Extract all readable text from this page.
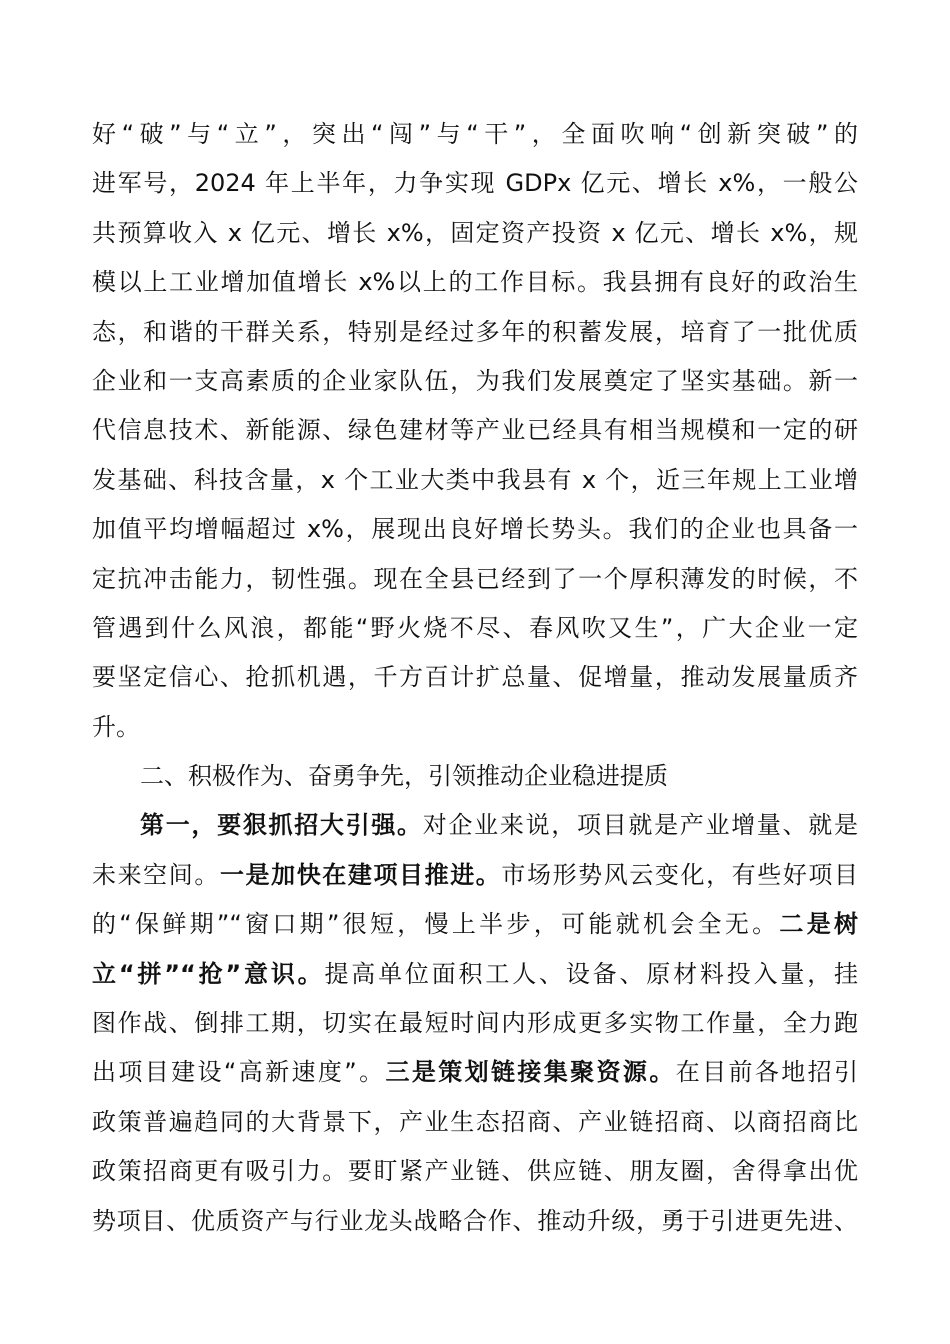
好“破”与“立”，突出“闯”与“干”，全面吹响“创新突破”的
进军号，2024 年上半年，力争实现 GDPx 亿元、增长 x%，一般公
共预算收入 x 亿元、增长 x%，固定资产投资 x 亿元、增长 x%，规
模以上工业增加值增长 x%以上的工作目标。我县拥有良好的政治生
态，和谐的干群关系，特别是经过多年的积蓄发展，培育了一批优质
企业和一支高素质的企业家队伍，为我们发展奠定了坚实基础。新一
代信息技术、新能源、绿色建材等产业已经具有相当规模和一定的研
发基础、科技含量，x 个工业大类中我县有 x 个，近三年规上工业增
加值平均增幅超过 x%，展现出良好增长势头。我们的企业也具备一
定抗冲击能力，韧性强。现在全县已经到了一个厚积薄发的时候，不
管遇到什么风浪，都能“野火烧不尽、春风吹又生”，广大企业一定
要坚定信心、抢抓机遇，千方百计扩总量、促增量，推动发展量质齐
升。
二、积极作为、奋勇争先，引领推动企业稳进提质
第一，要狠抓招大引强。对企业来说，项目就是产业增量、就是
未来空间。一是加快在建项目推进。市场形势风云变化，有些好项目
的“保鲜期”“窗口期”很短，慢上半步，可能就机会全无。二是树
立“拼”“抢”意识。提高单位面积工人、设备、原材料投入量，挂
图作战、倒排工期，切实在最短时间内形成更多实物工作量，全力跑
出项目建设“高新速度”。三是策划链接集聚资源。在目前各地招引
政策普遍趋同的大背景下，产业生态招商、产业链招商、以商招商比
政策招商更有吸引力。要盯紧产业链、供应链、朋友圈，舍得拿出优
势项目、优质资产与行业龙头战略合作、推动升级，勇于引进更先进、
